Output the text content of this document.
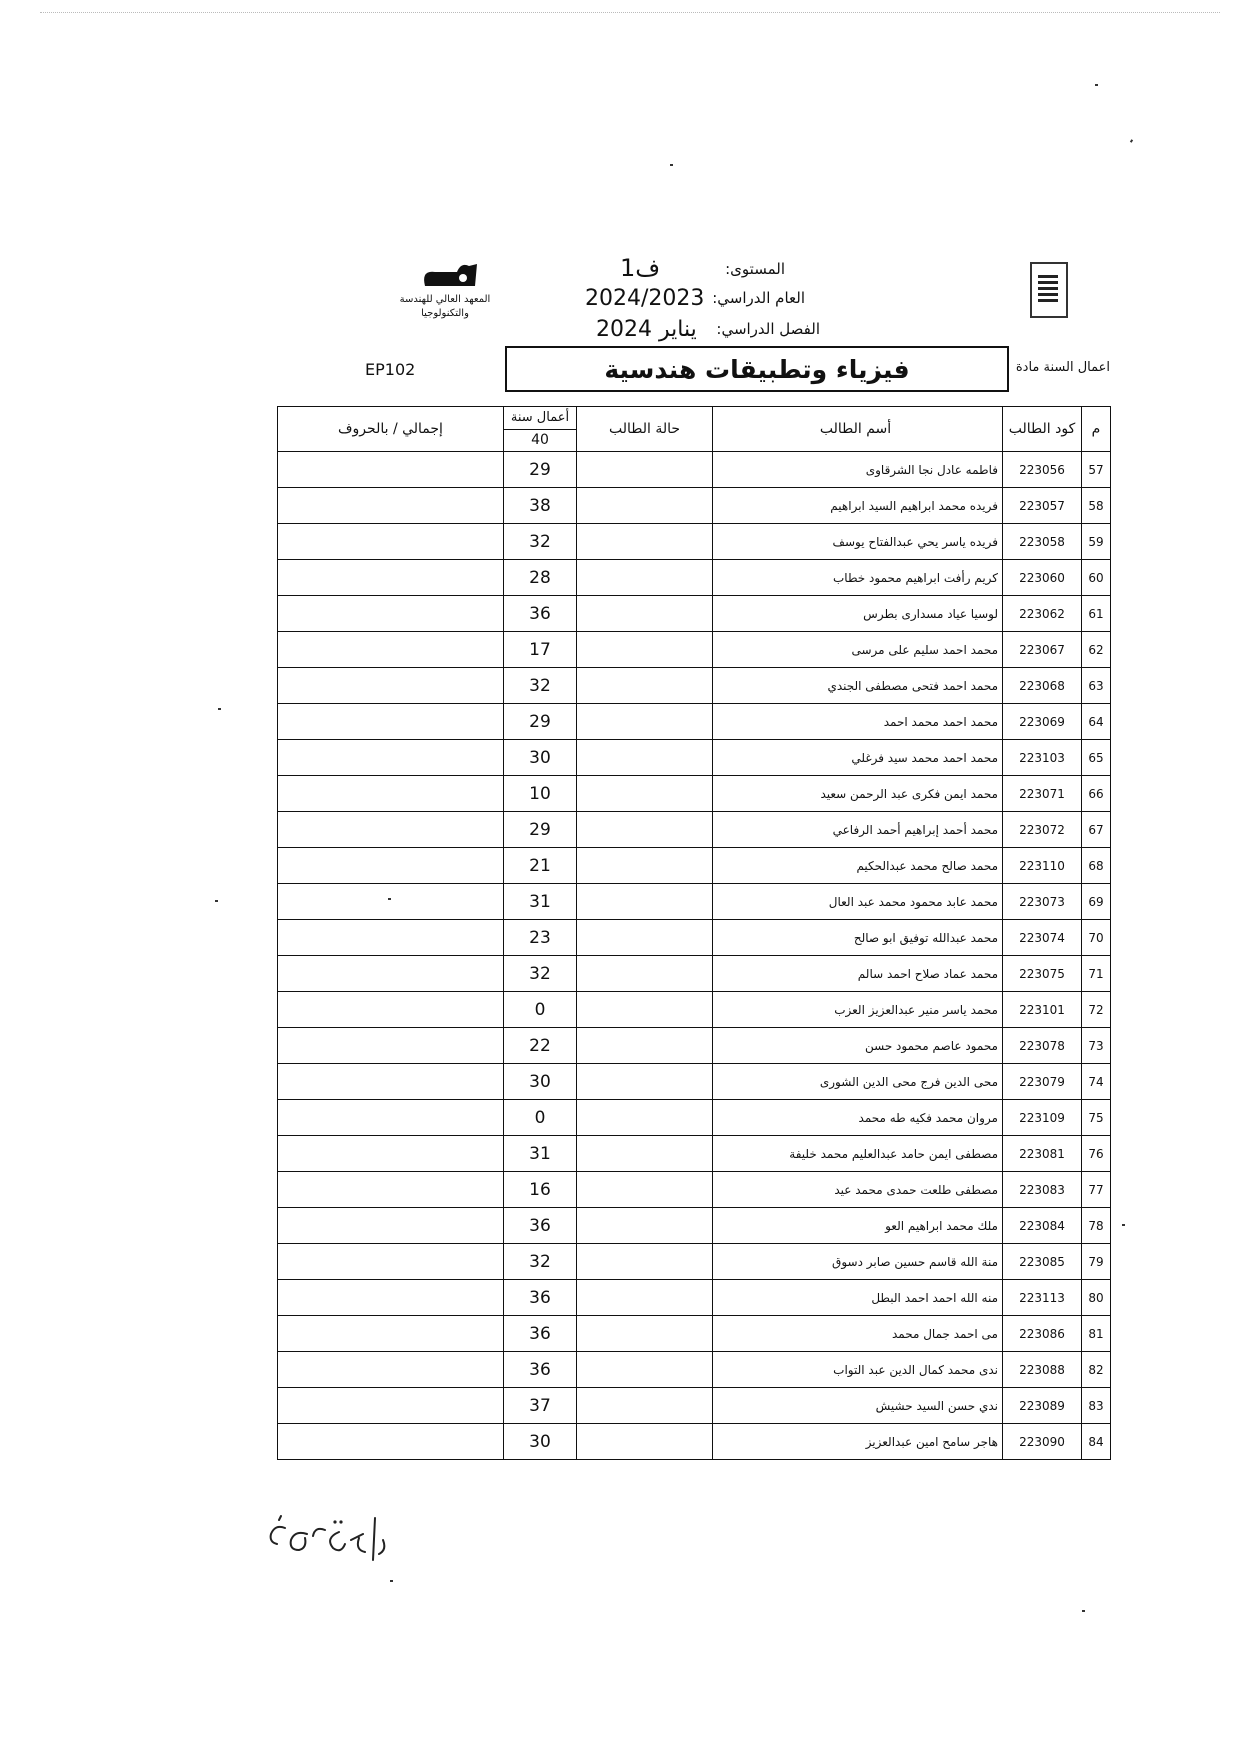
المعهد العالي للهندسة
والتكنولوجيا
المستوى:
ف1
العام الدراسي:
2024/2023
الفصل الدراسي:
يناير 2024
EP102	فيزياء وتطبيقات هندسية	اعمال السنة مادة
م	كود الطالب	أسم الطالب	حالة الطالب	أعمال سنة
40	إجمالي / بالحروف
57	223056	فاطمه عادل نجا الشرقاوى		29	
58	223057	فريده محمد ابراهيم السيد ابراهيم		38	
59	223058	فريده ياسر يحي عبدالفتاح يوسف		32	
60	223060	كريم رأفت ابراهيم محمود خطاب		28	
61	223062	لوسيا عياد مسدارى بطرس		36	
62	223067	محمد احمد سليم على مرسى		17	
63	223068	محمد احمد فتحى مصطفى الجندي		32	
64	223069	محمد احمد محمد احمد		29	
65	223103	محمد احمد محمد سيد فرغلي		30	
66	223071	محمد ايمن فكرى عبد الرحمن سعيد		10	
67	223072	محمد أحمد إبراهيم أحمد الرفاعي		29	
68	223110	محمد صالح محمد عبدالحكيم		21	
69	223073	محمد عابد محمود محمد عبد العال		31	
70	223074	محمد عبدالله توفيق ابو صالح		23	
71	223075	محمد عماد صلاح احمد سالم		32	
72	223101	محمد ياسر منير عبدالعزيز العزب		0	
73	223078	محمود عاصم محمود حسن		22	
74	223079	محى الدين فرج محى الدين الشورى		30	
75	223109	مروان محمد فكيه طه محمد		0	
76	223081	مصطفى ايمن حامد عبدالعليم محمد خليفة		31	
77	223083	مصطفى طلعت حمدى محمد عيد		16	
78	223084	ملك محمد ابراهيم العو		36	
79	223085	منة الله قاسم حسين صابر دسوق		32	
80	223113	منه الله احمد احمد البطل		36	
81	223086	مى احمد جمال محمد		36	
82	223088	ندى محمد كمال الدين عبد التواب		36	
83	223089	ندي حسن السيد حشيش		37	
84	223090	هاجر سامح امين عبدالعزيز		30	
